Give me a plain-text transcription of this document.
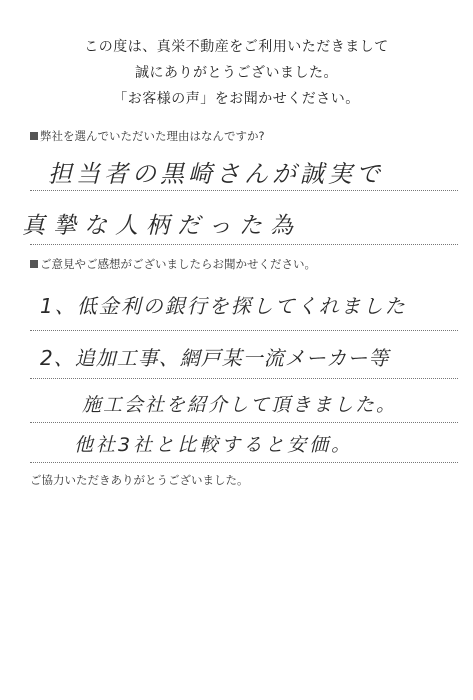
この度は、真栄不動産をご利用いただきまして
誠にありがとうございました。
「お客様の声」をお聞かせください。
弊社を選んでいただいた理由はなんですか?
担当者の黒崎さんが誠実で
真摯な人柄だった為
ご意見やご感想がございましたらお聞かせください。
1、低金利の銀行を探してくれました
2、追加工事、網戸某一流メーカー等
施工会社を紹介して頂きました。
他社3社と比較すると安価。
ご協力いただきありがとうございました。
